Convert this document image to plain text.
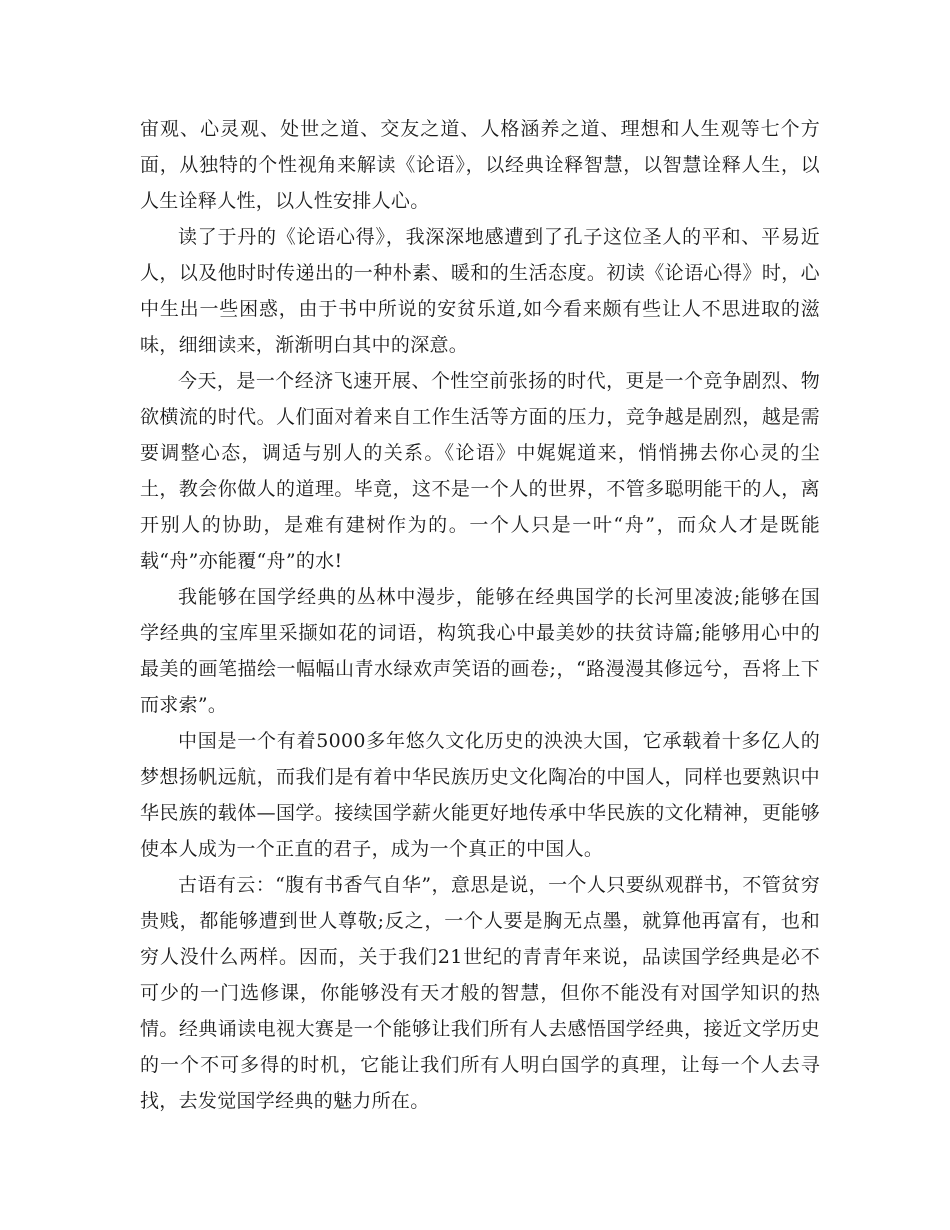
宙观、心灵观、处世之道、交友之道、人格涵养之道、理想和人生观等七个方面，从独特的个性视角来解读《论语》，以经典诠释智慧，以智慧诠释人生，以人生诠释人性，以人性安排人心。

读了于丹的《论语心得》，我深深地感遭到了孔子这位圣人的平和、平易近人，以及他时时传递出的一种朴素、暖和的生活态度。初读《论语心得》时，心中生出一些困惑，由于书中所说的安贫乐道,如今看来颇有些让人不思进取的滋味，细细读来，渐渐明白其中的深意。

今天，是一个经济飞速开展、个性空前张扬的时代，更是一个竞争剧烈、物欲横流的时代。人们面对着来自工作生活等方面的压力，竞争越是剧烈，越是需要调整心态，调适与别人的关系。《论语》中娓娓道来，悄悄拂去你心灵的尘土，教会你做人的道理。毕竟，这不是一个人的世界，不管多聪明能干的人，离开别人的协助，是难有建树作为的。一个人只是一叶“舟”，而众人才是既能载“舟”亦能覆“舟”的水!

我能够在国学经典的丛林中漫步，能够在经典国学的长河里凌波;能够在国学经典的宝库里采撷如花的词语，构筑我心中最美妙的扶贫诗篇;能够用心中的最美的画笔描绘一幅幅山青水绿欢声笑语的画卷;，“路漫漫其修远兮，吾将上下而求索”。

中国是一个有着5000多年悠久文化历史的泱泱大国，它承载着十多亿人的梦想扬帆远航，而我们是有着中华民族历史文化陶冶的中国人，同样也要熟识中华民族的载体—国学。接续国学薪火能更好地传承中华民族的文化精神，更能够使本人成为一个正直的君子，成为一个真正的中国人。

古语有云：“腹有书香气自华”，意思是说，一个人只要纵观群书，不管贫穷贵贱，都能够遭到世人尊敬;反之，一个人要是胸无点墨，就算他再富有，也和穷人没什么两样。因而，关于我们21世纪的青青年来说，品读国学经典是必不可少的一门选修课，你能够没有天才般的智慧，但你不能没有对国学知识的热情。经典诵读电视大赛是一个能够让我们所有人去感悟国学经典，接近文学历史的一个不可多得的时机，它能让我们所有人明白国学的真理，让每一个人去寻找，去发觉国学经典的魅力所在。
